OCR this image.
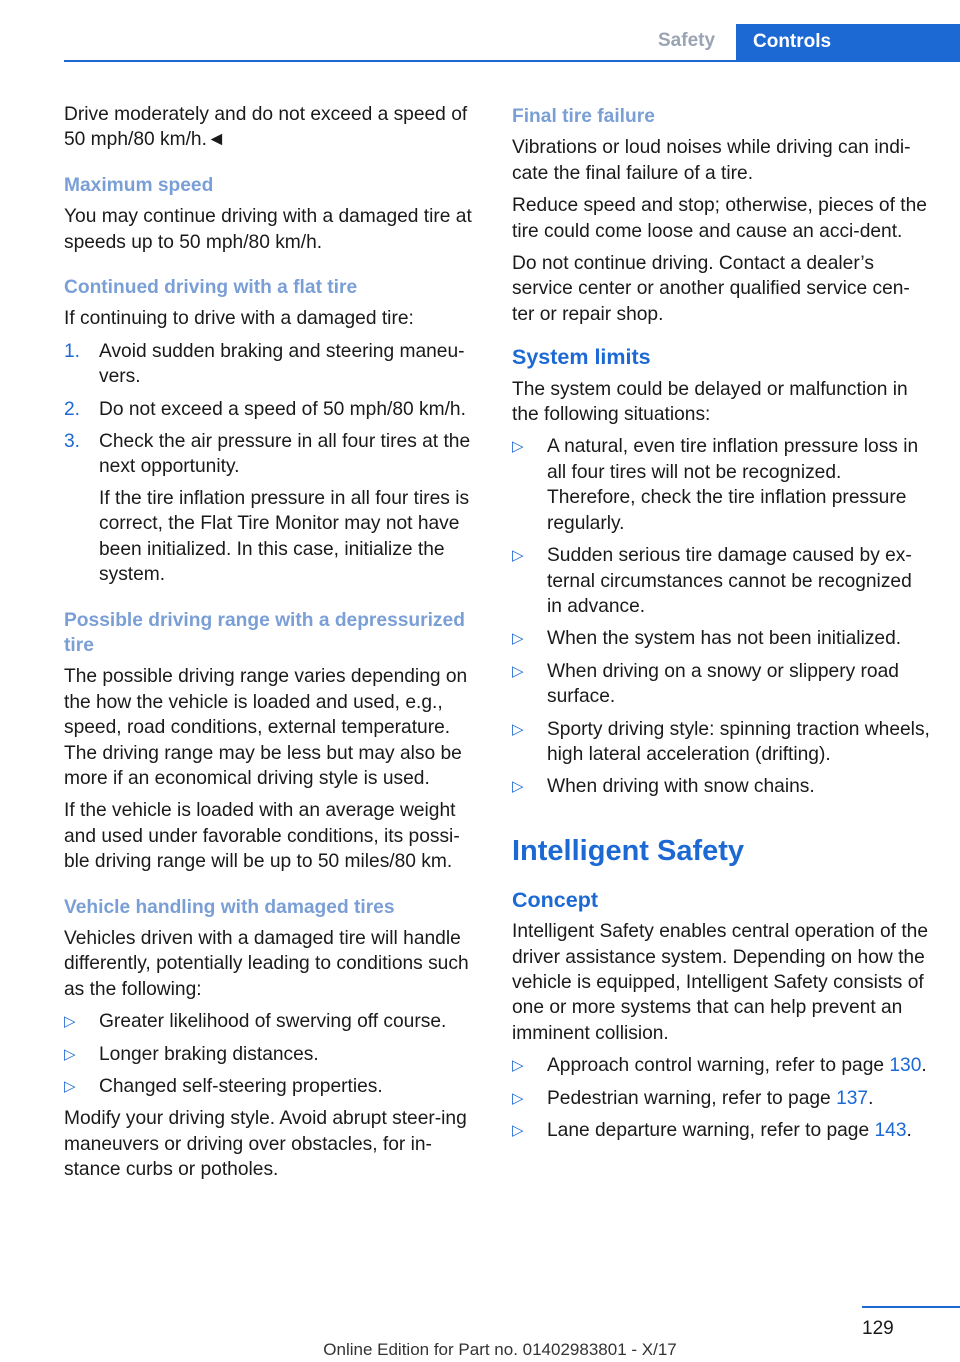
Safety	Controls

Drive moderately and do not exceed a speed of 50 mph/80 km/h.◄

Maximum speed

You may continue driving with a damaged tire at speeds up to 50 mph/80 km/h.

Continued driving with a flat tire

If continuing to drive with a damaged tire:

1. Avoid sudden braking and steering maneu‐vers.
2. Do not exceed a speed of 50 mph/80 km/h.
3. Check the air pressure in all four tires at the next opportunity.
If the tire inflation pressure in all four tires is correct, the Flat Tire Monitor may not have been initialized. In this case, initialize the system.
Possible driving range with a depressurized tire

The possible driving range varies depending on the how the vehicle is loaded and used, e.g., speed, road conditions, external temperature. The driving range may be less but may also be more if an economical driving style is used.

If the vehicle is loaded with an average weight and used under favorable conditions, its possi‐ble driving range will be up to 50 miles/80 km.

Vehicle handling with damaged tires

Vehicles driven with a damaged tire will handle differently, potentially leading to conditions such as the following:

▷ Greater likelihood of swerving off course.
▷ Longer braking distances.
▷ Changed self-steering properties.

Modify your driving style. Avoid abrupt steer‐ing maneuvers or driving over obstacles, for in‐stance curbs or potholes.

Final tire failure

Vibrations or loud noises while driving can indi‐cate the final failure of a tire.

Reduce speed and stop; otherwise, pieces of the tire could come loose and cause an acci‐dent.

Do not continue driving. Contact a dealer’s service center or another qualified service cen‐ter or repair shop.

System limits

The system could be delayed or malfunction in the following situations:

▷ A natural, even tire inflation pressure loss in all four tires will not be recognized. Therefore, check the tire inflation pressure regularly.
▷ Sudden serious tire damage caused by ex‐ternal circumstances cannot be recognized in advance.
▷ When the system has not been initialized.
▷ When driving on a snowy or slippery road surface.
▷ Sporty driving style: spinning traction wheels, high lateral acceleration (drifting).
▷ When driving with snow chains.
Intelligent Safety
Concept

Intelligent Safety enables central operation of the driver assistance system. Depending on how the vehicle is equipped, Intelligent Safety consists of one or more systems that can help prevent an imminent collision.

▷ Approach control warning, refer to page 130.
▷ Pedestrian warning, refer to page 137.
▷ Lane departure warning, refer to page 143.
129
Online Edition for Part no. 01402983801 - X/17
